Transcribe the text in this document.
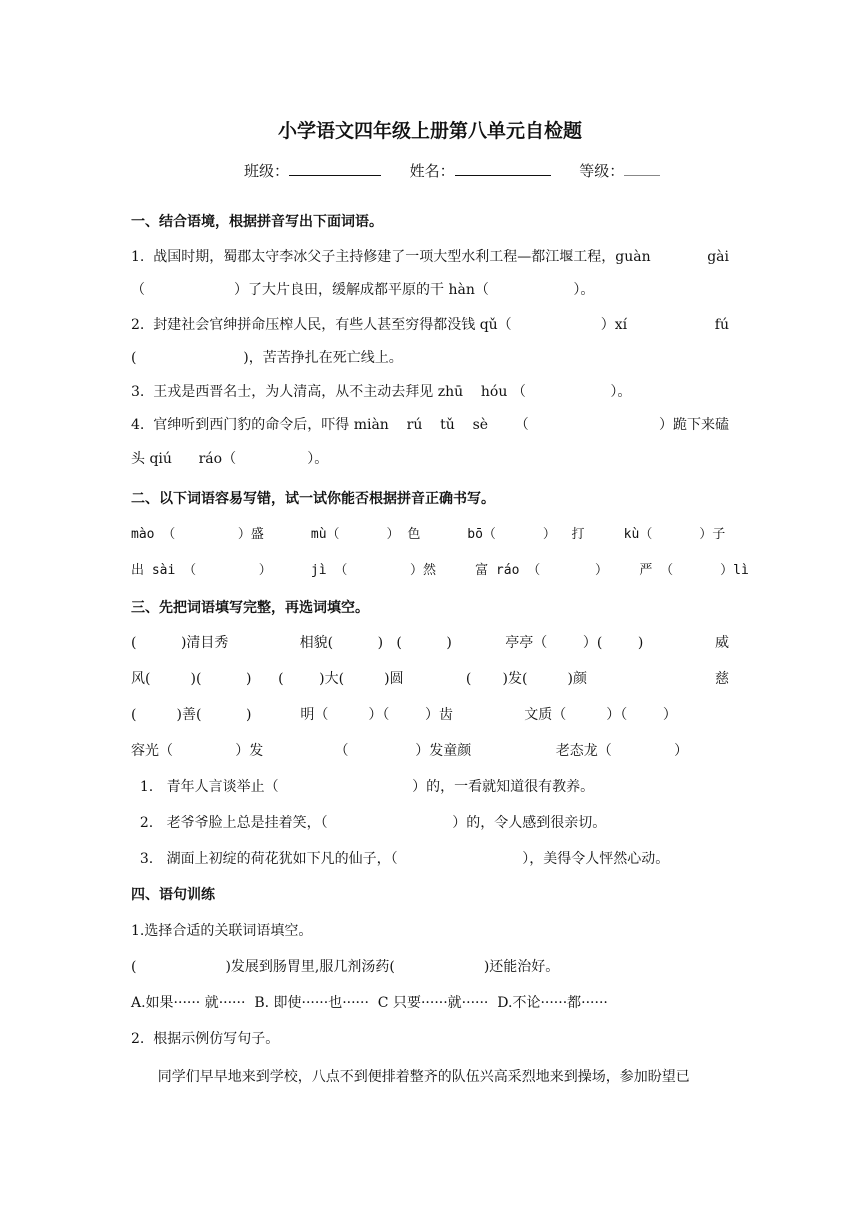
小学语文四年级上册第八单元自检题
班级：	姓名：	等级：
一、结合语境，根据拼音写出下面词语。
1.  战国时期，蜀郡太守李冰父子主持修建了一项大型水利工程—都江堰工程，guàn	gài
（                    ）了大片良田，缓解成都平原的干 hàn（                   ）。
2.  封建社会官绅拼命压榨人民，有些人甚至穷得都没钱 qǔ（                    ）xí	fú
(                        )，苦苦挣扎在死亡线上。
3.  王戎是西晋名士，为人清高，从不主动去拜见 zhū    hóu （                   ）。
4.  官绅听到西门豹的命令后，吓得 miàn    rú    tǔ    sè      （	）跪下来磕
头 qiú      ráo（                ）。
二、以下词语容易写错，试一试你能否根据拼音正确书写。
mào （        ）盛      mù（      ） 色      bō（      ）  打     kù（      ）子
出 sài （        ）     jì （        ）然     富 ráo （       ）    严 （      ）lì
三、先把词语填写完整，再选词填空。
(          )清目秀                相貌(          )   (          )            亭亭（        ）(        )	威
风(         )(          )      (        )大(         )圆              (       )发(         )颜	慈
(         )善(          )           明（         ）（        ）齿                文质（         ）（        ）
容光（              ）发                （               ）发童颜                   老态龙（              ）
1.   青年人言谈举止（                              ）的，一看就知道很有教养。
2.   老爷爷脸上总是挂着笑，（                            ）的，令人感到很亲切。
3.   湖面上初绽的荷花犹如下凡的仙子，（                            ），美得令人怦然心动。
四、语句训练
1.选择合适的关联词语填空。
(                    )发展到肠胃里,服几剂汤药(                    )还能治好。
A.如果······ 就······  B. 即使······也······  C 只要······就······  D.不论······都······
2.  根据示例仿写句子。
同学们早早地来到学校，八点不到便排着整齐的队伍兴高采烈地来到操场，参加盼望已
